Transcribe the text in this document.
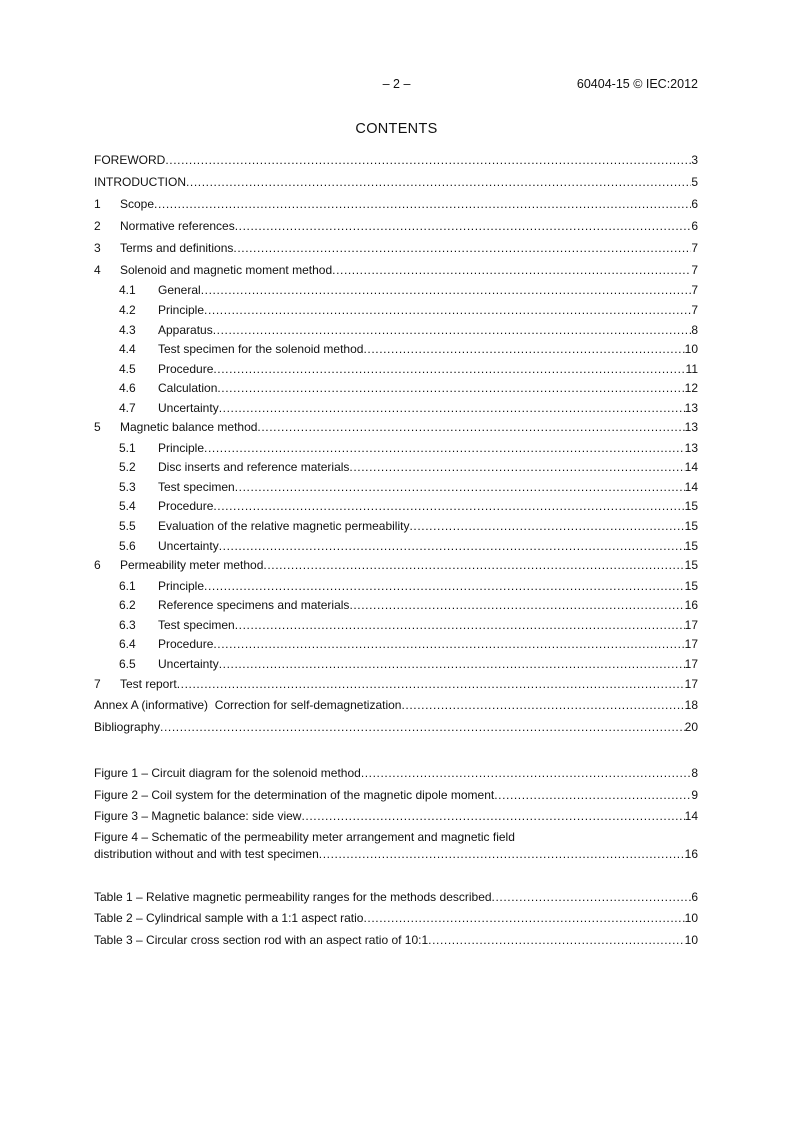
– 2 –	60404-15 © IEC:2012
CONTENTS
FOREWORD .....	3
INTRODUCTION .....	5
1	Scope .....	6
2	Normative references .....	6
3	Terms and definitions .....	7
4	Solenoid and magnetic moment method .....	7
4.1	General .....	7
4.2	Principle .....	7
4.3	Apparatus .....	8
4.4	Test specimen for the solenoid method .....	10
4.5	Procedure .....	11
4.6	Calculation .....	12
4.7	Uncertainty .....	13
5	Magnetic balance method .....	13
5.1	Principle .....	13
5.2	Disc inserts and reference materials .....	14
5.3	Test specimen .....	14
5.4	Procedure .....	15
5.5	Evaluation of the relative magnetic permeability .....	15
5.6	Uncertainty .....	15
6	Permeability meter method .....	15
6.1	Principle .....	15
6.2	Reference specimens and materials .....	16
6.3	Test specimen .....	17
6.4	Procedure .....	17
6.5	Uncertainty .....	17
7	Test report .....	17
Annex A (informative)  Correction for self-demagnetization .....	18
Bibliography .....	20
Figure 1 – Circuit diagram for the solenoid method .....	8
Figure 2 – Coil system for the determination of the magnetic dipole moment .....	9
Figure 3 – Magnetic balance: side view .....	14
Figure 4 – Schematic of the permeability meter arrangement and magnetic field
distribution without and with test specimen .....	16
Table 1 – Relative magnetic permeability ranges for the methods described .....	6
Table 2 – Cylindrical sample with a 1:1 aspect ratio .....	10
Table 3 – Circular cross section rod with an aspect ratio of 10:1 .....	10
